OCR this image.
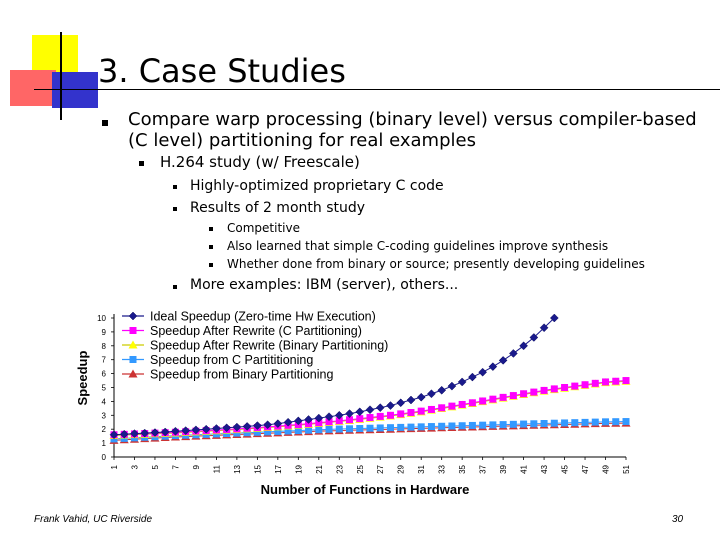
3. Case Studies
Compare warp processing (binary level) versus compiler-based
(C level) partitioning for real examples
H.264 study (w/ Freescale)
Highly-optimized proprietary C code
Results of 2 month study
Competitive
Also learned that simple C-coding guidelines improve synthesis
Whether done from binary or source; presently developing guidelines
More examples: IBM (server), others...
Ideal Speedup (Zero-time Hw Execution)
Speedup After Rewrite (C Partitioning)
Speedup After Rewrite (Binary Partitioning)
Speedup from C Partititioning
Speedup from Binary Partitioning
0
1
2
3
4
5
6
7
8
9
10
1 3 5 7 9 11 13 15 17 19 21 23 25 27 29 31 33 35 37 39 41 43 45 47 49 51
Number of Functions in Hardware
Speedup
Frank Vahid, UC Riverside	30
